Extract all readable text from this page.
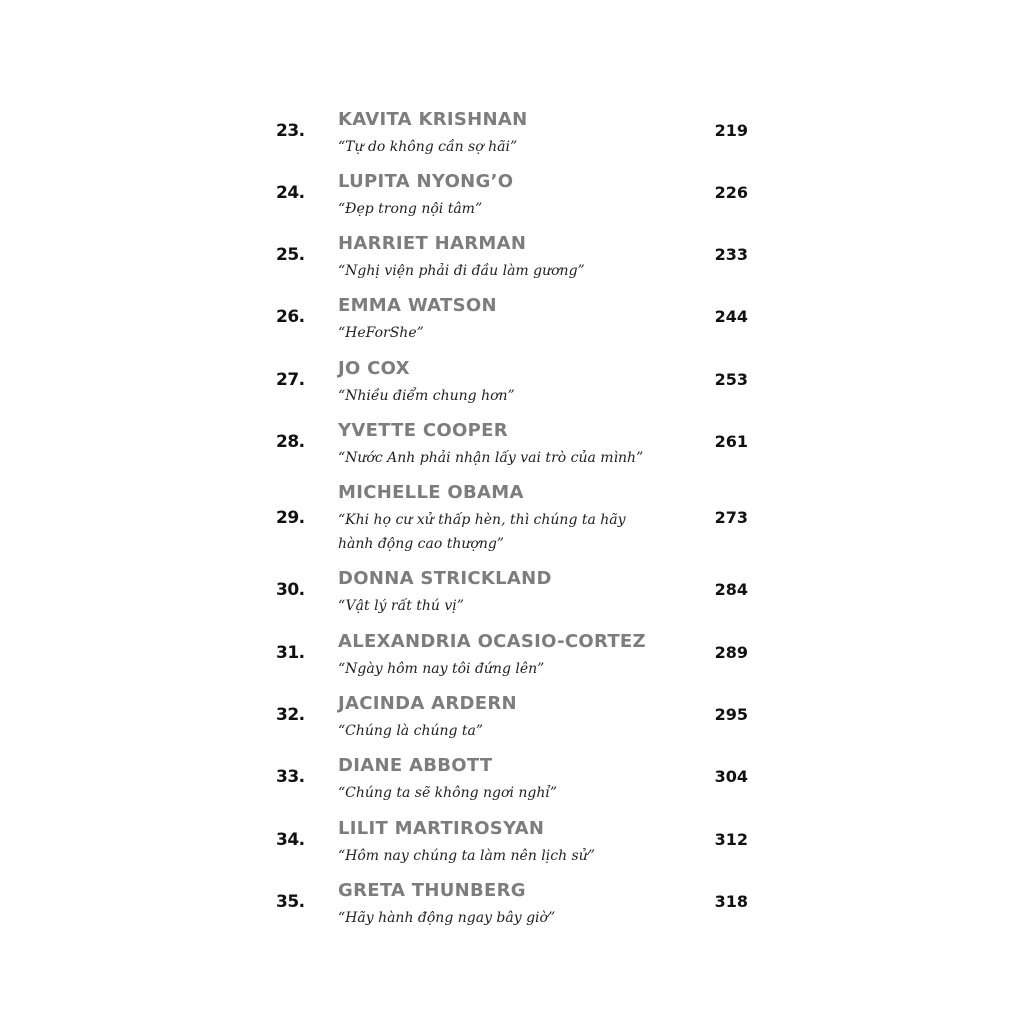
23.
KAVITA KRISHNAN
“Tự do không cần sợ hãi”
219
24.
LUPITA NYONG’O
“Đẹp trong nội tâm”
226
25.
HARRIET HARMAN
“Nghị viện phải đi đầu làm gương”
233
26.
EMMA WATSON
“HeForShe”
244
27.
JO COX
“Nhiều điểm chung hơn”
253
28.
YVETTE COOPER
“Nước Anh phải nhận lấy vai trò của mình”
261
29.
MICHELLE OBAMA
“Khi họ cư xử thấp hèn, thì chúng ta hãy hành động cao thượng”
273
30.
DONNA STRICKLAND
“Vật lý rất thú vị”
284
31.
ALEXANDRIA OCASIO-CORTEZ
“Ngày hôm nay tôi đứng lên”
289
32.
JACINDA ARDERN
“Chúng là chúng ta”
295
33.
DIANE ABBOTT
“Chúng ta sẽ không ngơi nghỉ”
304
34.
LILIT MARTIROSYAN
“Hôm nay chúng ta làm nên lịch sử”
312
35.
GRETA THUNBERG
“Hãy hành động ngay bây giờ”
318
